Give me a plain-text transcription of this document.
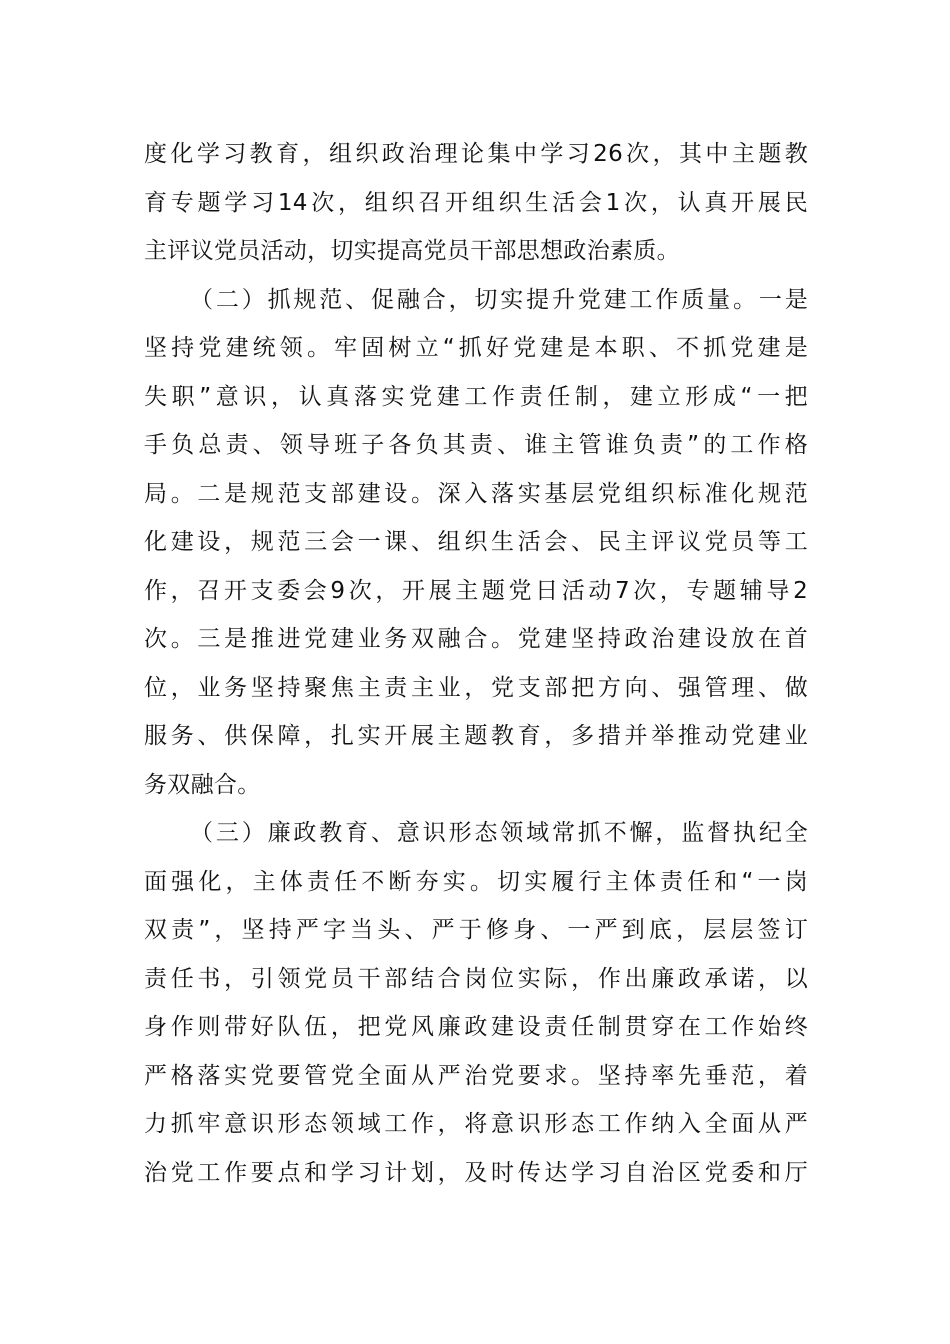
度化学习教育，组织政治理论集中学习26次，其中主题教
育专题学习14次，组织召开组织生活会1次，认真开展民
主评议党员活动，切实提高党员干部思想政治素质。
（二）抓规范、促融合，切实提升党建工作质量。一是
坚持党建统领。牢固树立“抓好党建是本职、不抓党建是
失职”意识，认真落实党建工作责任制，建立形成“一把
手负总责、领导班子各负其责、谁主管谁负责”的工作格
局。二是规范支部建设。深入落实基层党组织标准化规范
化建设，规范三会一课、组织生活会、民主评议党员等工
作，召开支委会9次，开展主题党日活动7次，专题辅导2
次。三是推进党建业务双融合。党建坚持政治建设放在首
位，业务坚持聚焦主责主业，党支部把方向、强管理、做
服务、供保障，扎实开展主题教育，多措并举推动党建业
务双融合。
（三）廉政教育、意识形态领域常抓不懈，监督执纪全
面强化，主体责任不断夯实。切实履行主体责任和“一岗
双责”，坚持严字当头、严于修身、一严到底，层层签订
责任书，引领党员干部结合岗位实际，作出廉政承诺，以
身作则带好队伍，把党风廉政建设责任制贯穿在工作始终
严格落实党要管党全面从严治党要求。坚持率先垂范，着
力抓牢意识形态领域工作，将意识形态工作纳入全面从严
治党工作要点和学习计划，及时传达学习自治区党委和厅
